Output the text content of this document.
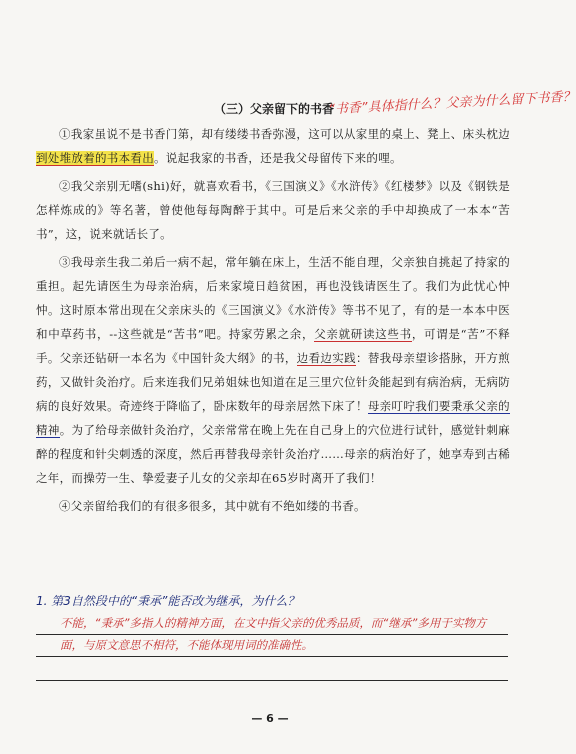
（三）父亲留下的书香
“书香”具体指什么？父亲为什么留下书香？

①我家虽说不是书香门第，却有缕缕书香弥漫，这可以从家里的桌上、凳上、床头枕边到处堆放着的书本看出。说起我家的书香，还是我父母留传下来的哩。

②我父亲别无嗜(shi)好，就喜欢看书，《三国演义》《水浒传》《红楼梦》以及《钢铁是怎样炼成的》等名著，曾使他每每陶醉于其中。可是后来父亲的手中却换成了一本本“苦书”，这，说来就话长了。

③我母亲生我二弟后一病不起，常年躺在床上，生活不能自理，父亲独自挑起了持家的重担。起先请医生为母亲治病，后来家境日趋贫困，再也没钱请医生了。我们为此忧心忡忡。这时原本常出现在父亲床头的《三国演义》《水浒传》等书不见了，有的是一本本中医和中草药书，--这些就是“苦书”吧。持家劳累之余，父亲就研读这些书，可谓是“苦”不释手。父亲还钻研一本名为《中国针灸大纲》的书，边看边实践：替我母亲望诊搭脉，开方煎药，又做针灸治疗。后来连我们兄弟姐妹也知道在足三里穴位针灸能起到有病治病，无病防病的良好效果。奇迹终于降临了，卧床数年的母亲居然下床了！母亲叮咛我们要秉承父亲的精神。为了给母亲做针灸治疗，父亲常常在晚上先在自己身上的穴位进行试针，感觉针刺麻醉的程度和针尖刺透的深度，然后再替我母亲针灸治疗……母亲的病治好了，她享寿到古稀之年，而操劳一生、挚爱妻子儿女的父亲却在65岁时离开了我们！

④父亲留给我们的有很多很多，其中就有不绝如缕的书香。

1. 第3自然段中的“秉承”能否改为继承，为什么？
不能，“秉承”多指人的精神方面，在文中指父亲的优秀品质，而“继承”多用于实物方面，与原文意思不相符，不能体现用词的准确性。
— 6 —
